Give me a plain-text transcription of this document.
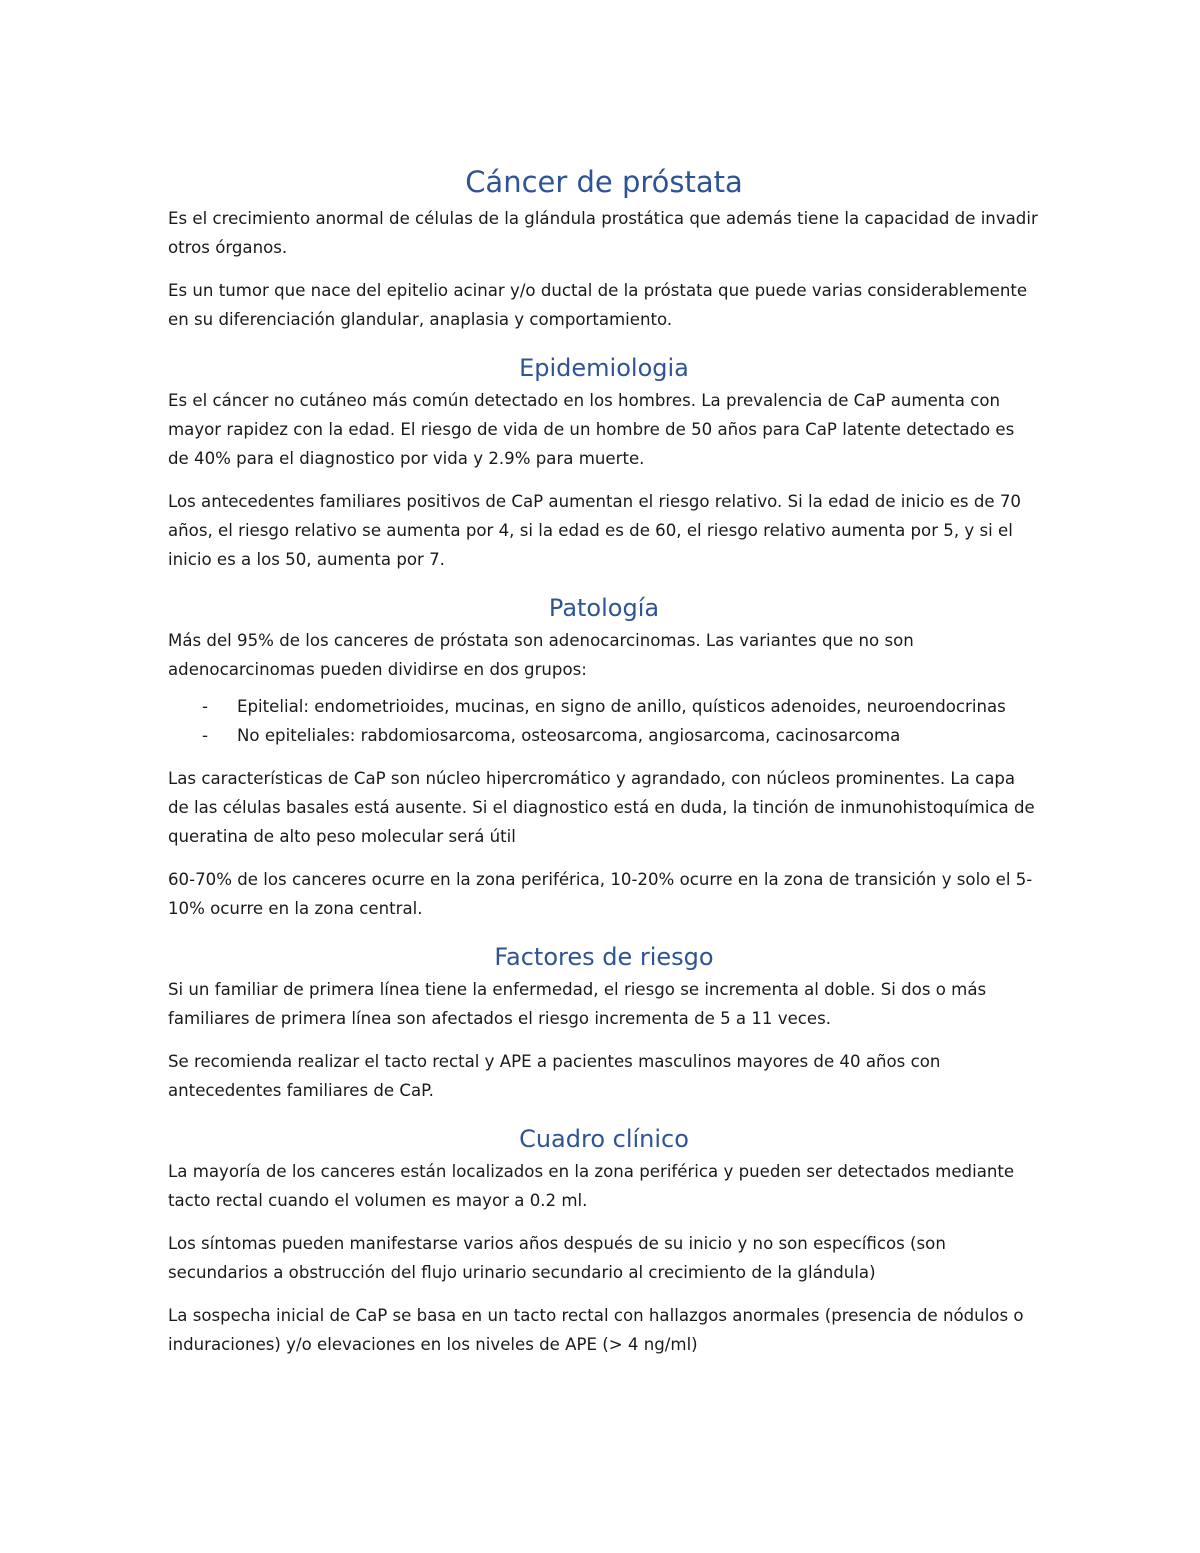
Cáncer de próstata

Es el crecimiento anormal de células de la glándula prostática que además tiene la capacidad de invadir otros órganos.

Es un tumor que nace del epitelio acinar y/o ductal de la próstata que puede varias considerablemente en su diferenciación glandular, anaplasia y comportamiento.

Epidemiologia

Es el cáncer no cutáneo más común detectado en los hombres. La prevalencia de CaP aumenta con mayor rapidez con la edad. El riesgo de vida de un hombre de 50 años para CaP latente detectado es de 40% para el diagnostico por vida y 2.9% para muerte.

Los antecedentes familiares positivos de CaP aumentan el riesgo relativo. Si la edad de inicio es de 70 años, el riesgo relativo se aumenta por 4, si la edad es de 60, el riesgo relativo aumenta por 5, y si el inicio es a los 50, aumenta por 7.

Patología

Más del 95% de los canceres de próstata son adenocarcinomas. Las variantes que no son adenocarcinomas pueden dividirse en dos grupos:

- Epitelial: endometrioides, mucinas, en signo de anillo, quísticos adenoides, neuroendocrinas
- No epiteliales: rabdomiosarcoma, osteosarcoma, angiosarcoma, cacinosarcoma

Las características de CaP son núcleo hipercromático y agrandado, con núcleos prominentes. La capa de las células basales está ausente. Si el diagnostico está en duda, la tinción de inmunohistoquímica de queratina de alto peso molecular será útil

60-70% de los canceres ocurre en la zona periférica, 10-20% ocurre en la zona de transición y solo el 5-10% ocurre en la zona central.

Factores de riesgo

Si un familiar de primera línea tiene la enfermedad, el riesgo se incrementa al doble. Si dos o más familiares de primera línea son afectados el riesgo incrementa de 5 a 11 veces.

Se recomienda realizar el tacto rectal y APE a pacientes masculinos mayores de 40 años con antecedentes familiares de CaP.

Cuadro clínico

La mayoría de los canceres están localizados en la zona periférica y pueden ser detectados mediante tacto rectal cuando el volumen es mayor a 0.2 ml.

Los síntomas pueden manifestarse varios años después de su inicio y no son específicos (son secundarios a obstrucción del flujo urinario secundario al crecimiento de la glándula)

La sospecha inicial de CaP se basa en un tacto rectal con hallazgos anormales (presencia de nódulos o induraciones) y/o elevaciones en los niveles de APE (> 4 ng/ml)
